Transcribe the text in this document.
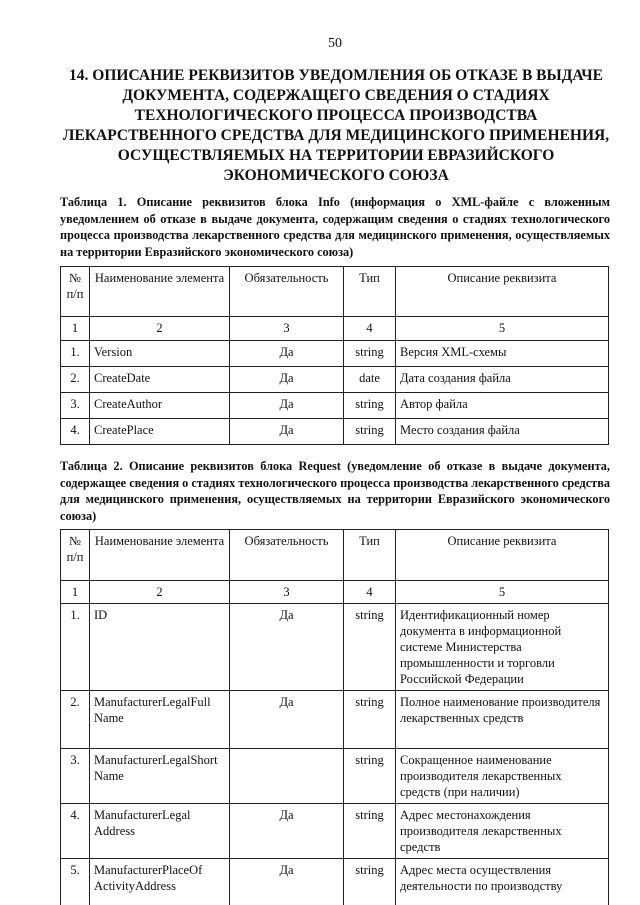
50
14. ОПИСАНИЕ РЕКВИЗИТОВ УВЕДОМЛЕНИЯ ОБ ОТКАЗЕ В ВЫДАЧЕ ДОКУМЕНТА, СОДЕРЖАЩЕГО СВЕДЕНИЯ О СТАДИЯХ ТЕХНОЛОГИЧЕСКОГО ПРОЦЕССА ПРОИЗВОДСТВА ЛЕКАРСТВЕННОГО СРЕДСТВА ДЛЯ МЕДИЦИНСКОГО ПРИМЕНЕНИЯ, ОСУЩЕСТВЛЯЕМЫХ НА ТЕРРИТОРИИ ЕВРАЗИЙСКОГО ЭКОНОМИЧЕСКОГО СОЮЗА
Таблица 1. Описание реквизитов блока Info (информация о XML-файле с вложенным уведомлением об отказе в выдаче документа, содержащим сведения о стадиях технологического процесса производства лекарственного средства для медицинского применения, осуществляемых на территории Евразийского экономического союза)
№ п/п	Наименование элемента	Обязательность	Тип	Описание реквизита
1	2	3	4	5
1.	Version	Да	string	Версия XML-схемы
2.	CreateDate	Да	date	Дата создания файла
3.	CreateAuthor	Да	string	Автор файла
4.	CreatePlace	Да	string	Место создания файла
Таблица 2. Описание реквизитов блока Request (уведомление об отказе в выдаче документа, содержащее сведения о стадиях технологического процесса производства лекарственного средства для медицинского применения, осуществляемых на территории Евразийского экономического союза)
№ п/п	Наименование элемента	Обязательность	Тип	Описание реквизита
1	2	3	4	5
1.	ID	Да	string	Идентификационный номер документа в информационной системе Министерства промышленности и торговли Российской Федерации
2.	ManufacturerLegalFull Name	Да	string	Полное наименование производителя лекарственных средств
3.	ManufacturerLegalShort Name		string	Сокращенное наименование производителя лекарственных средств (при наличии)
4.	ManufacturerLegal Address	Да	string	Адрес местонахождения производителя лекарственных средств
5.	ManufacturerPlaceOf ActivityAddress	Да	string	Адрес места осуществления деятельности по производству
